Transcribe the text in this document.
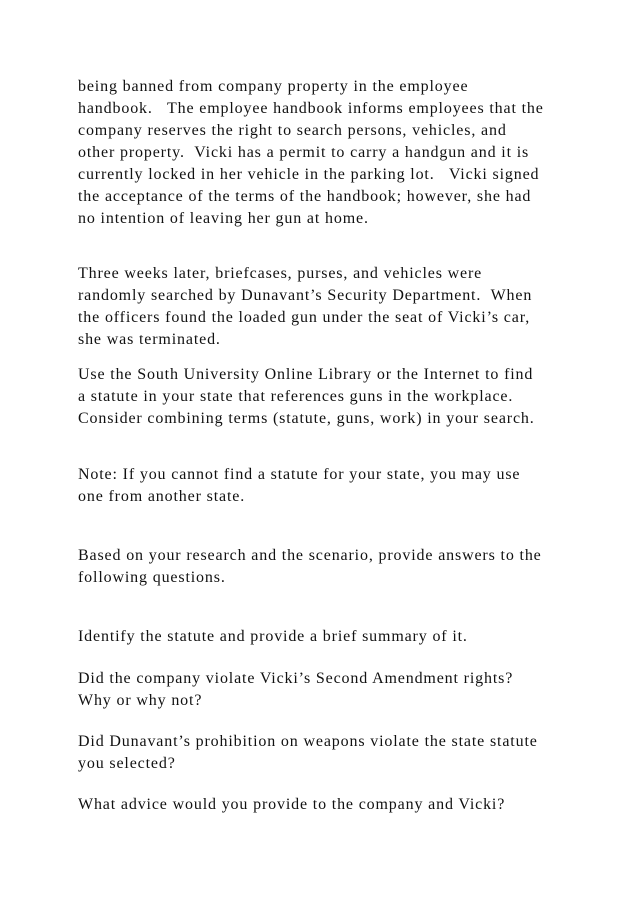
being banned from company property in the employee
handbook.   The employee handbook informs employees that the
company reserves the right to search persons, vehicles, and
other property.  Vicki has a permit to carry a handgun and it is
currently locked in her vehicle in the parking lot.   Vicki signed
the acceptance of the terms of the handbook; however, she had
no intention of leaving her gun at home.
Three weeks later, briefcases, purses, and vehicles were
randomly searched by Dunavant’s Security Department.  When
the officers found the loaded gun under the seat of Vicki’s car,
she was terminated.
Use the South University Online Library or the Internet to find
a statute in your state that references guns in the workplace.
Consider combining terms (statute, guns, work) in your search.
Note: If you cannot find a statute for your state, you may use
one from another state.
Based on your research and the scenario, provide answers to the
following questions.
Identify the statute and provide a brief summary of it.
Did the company violate Vicki’s Second Amendment rights?
Why or why not?
Did Dunavant’s prohibition on weapons violate the state statute
you selected?
What advice would you provide to the company and Vicki?
